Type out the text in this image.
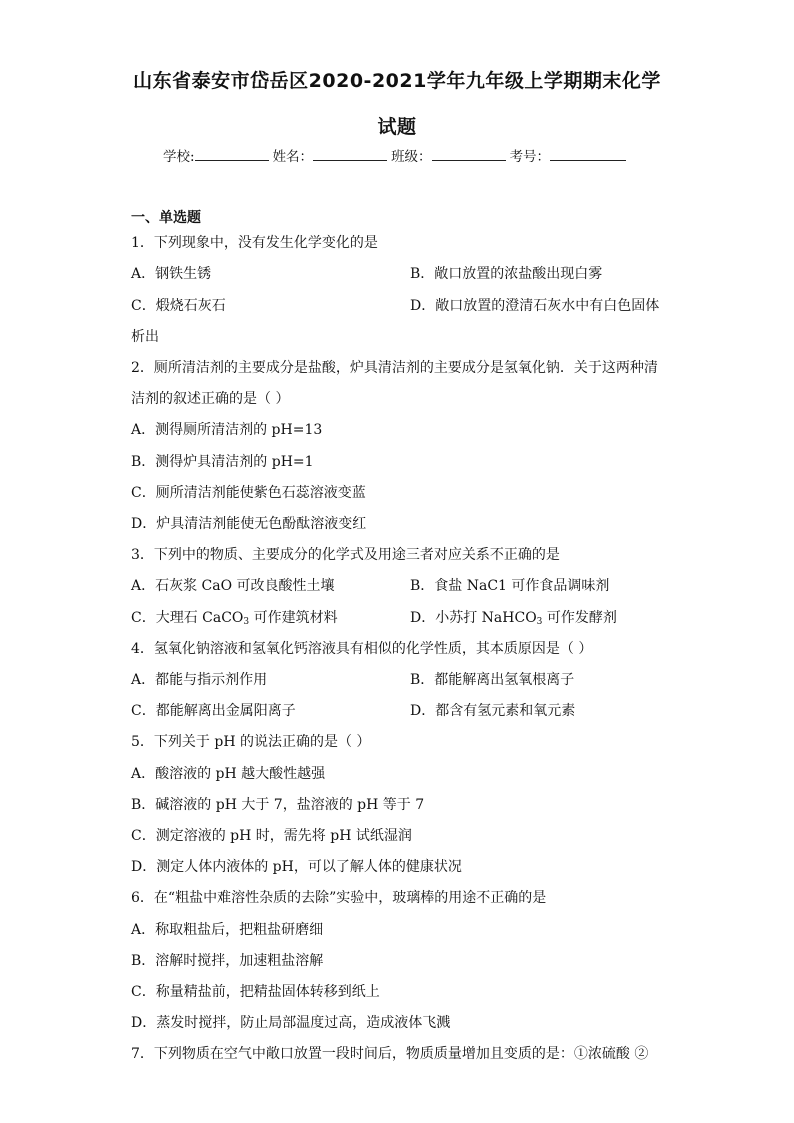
山东省泰安市岱岳区2020-2021学年九年级上学期期末化学
试题
学校:	姓名：	班级：	考号：
一、单选题
1．下列现象中，没有发生化学变化的是
A．钢铁生锈	B．敞口放置的浓盐酸出现白雾
C．煅烧石灰石	D．敞口放置的澄清石灰水中有白色固体
析出
2．厕所清洁剂的主要成分是盐酸，炉具清洁剂的主要成分是氢氧化钠．关于这两种清
洁剂的叙述正确的是（ ）
A．测得厕所清洁剂的 pH=13
B．测得炉具清洁剂的 pH=1
C．厕所清洁剂能使紫色石蕊溶液变蓝
D．炉具清洁剂能使无色酚酞溶液变红
3．下列中的物质、主要成分的化学式及用途三者对应关系不正确的是
A．石灰浆 CaO 可改良酸性土壤	B．食盐 NaC1 可作食品调味剂
C．大理石 CaCO$_3$ 可作建筑材料	D．小苏打 NaHCO$_3$ 可作发酵剂
4．氢氧化钠溶液和氢氧化钙溶液具有相似的化学性质，其本质原因是（ ）
A．都能与指示剂作用	B．都能解离出氢氧根离子
C．都能解离出金属阳离子	D．都含有氢元素和氧元素
5．下列关于 pH 的说法正确的是（ ）
A．酸溶液的 pH 越大酸性越强
B．碱溶液的 pH 大于 7，盐溶液的 pH 等于 7
C．测定溶液的 pH 时，需先将 pH 试纸湿润
D．测定人体内液体的 pH，可以了解人体的健康状况
6．在“粗盐中难溶性杂质的去除”实验中，玻璃棒的用途不正确的是
A．称取粗盐后，把粗盐研磨细
B．溶解时搅拌，加速粗盐溶解
C．称量精盐前，把精盐固体转移到纸上
D．蒸发时搅拌，防止局部温度过高，造成液体飞溅
7．下列物质在空气中敞口放置一段时间后，物质质量增加且变质的是：①浓硫酸 ②
